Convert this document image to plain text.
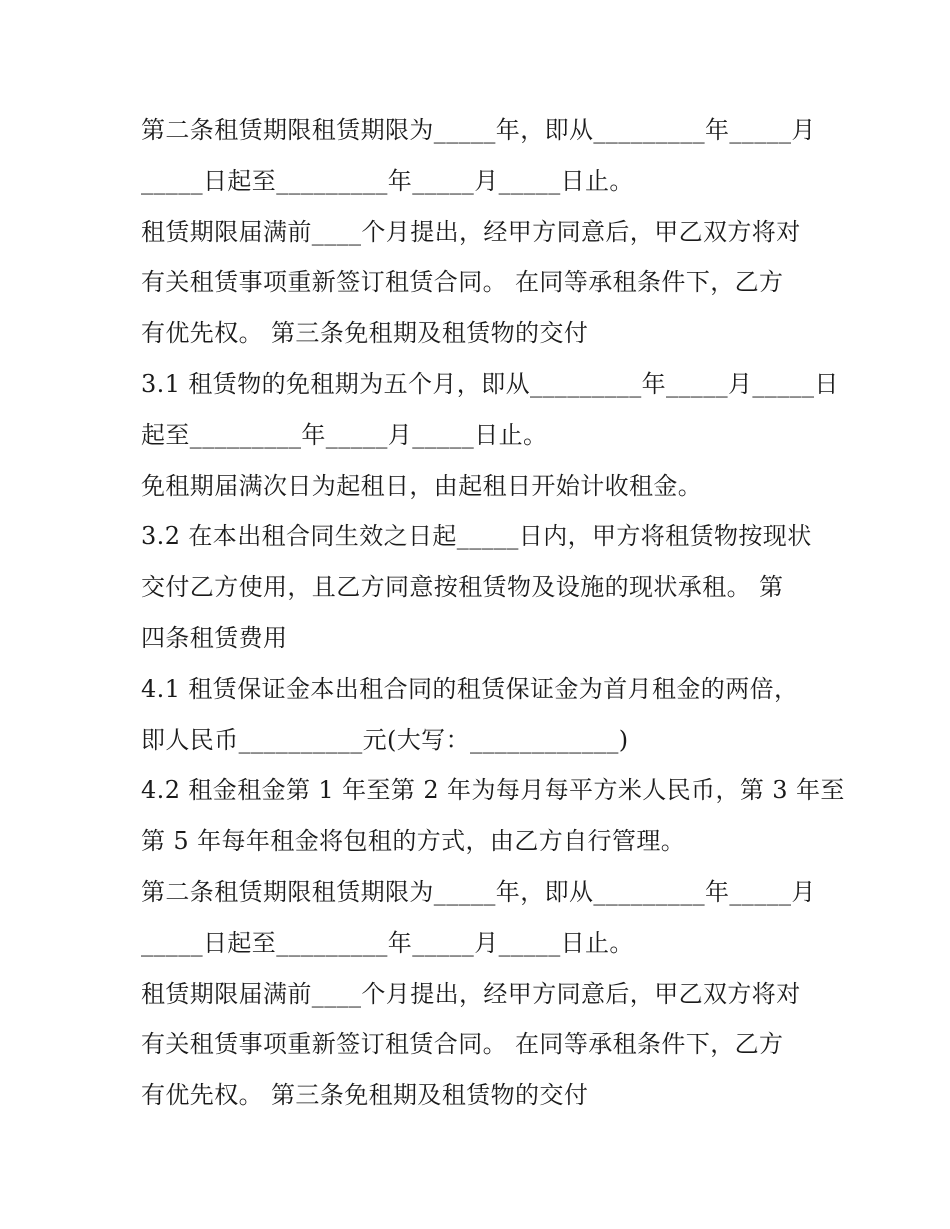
第二条租赁期限租赁期限为_____年，即从_________年_____月
_____日起至_________年_____月_____日止。
租赁期限届满前____个月提出，经甲方同意后，甲乙双方将对
有关租赁事项重新签订租赁合同。 在同等承租条件下，乙方
有优先权。 第三条免租期及租赁物的交付
3.1 租赁物的免租期为五个月，即从_________年_____月_____日
起至_________年_____月_____日止。
免租期届满次日为起租日，由起租日开始计收租金。
3.2 在本出租合同生效之日起_____日内，甲方将租赁物按现状
交付乙方使用，且乙方同意按租赁物及设施的现状承租。 第
四条租赁费用
4.1 租赁保证金本出租合同的租赁保证金为首月租金的两倍，
即人民币__________元(大写：____________)
4.2 租金租金第 1 年至第 2 年为每月每平方米人民币，第 3 年至
第 5 年每年租金将包租的方式，由乙方自行管理。
第二条租赁期限租赁期限为_____年，即从_________年_____月
_____日起至_________年_____月_____日止。
租赁期限届满前____个月提出，经甲方同意后，甲乙双方将对
有关租赁事项重新签订租赁合同。 在同等承租条件下，乙方
有优先权。 第三条免租期及租赁物的交付
